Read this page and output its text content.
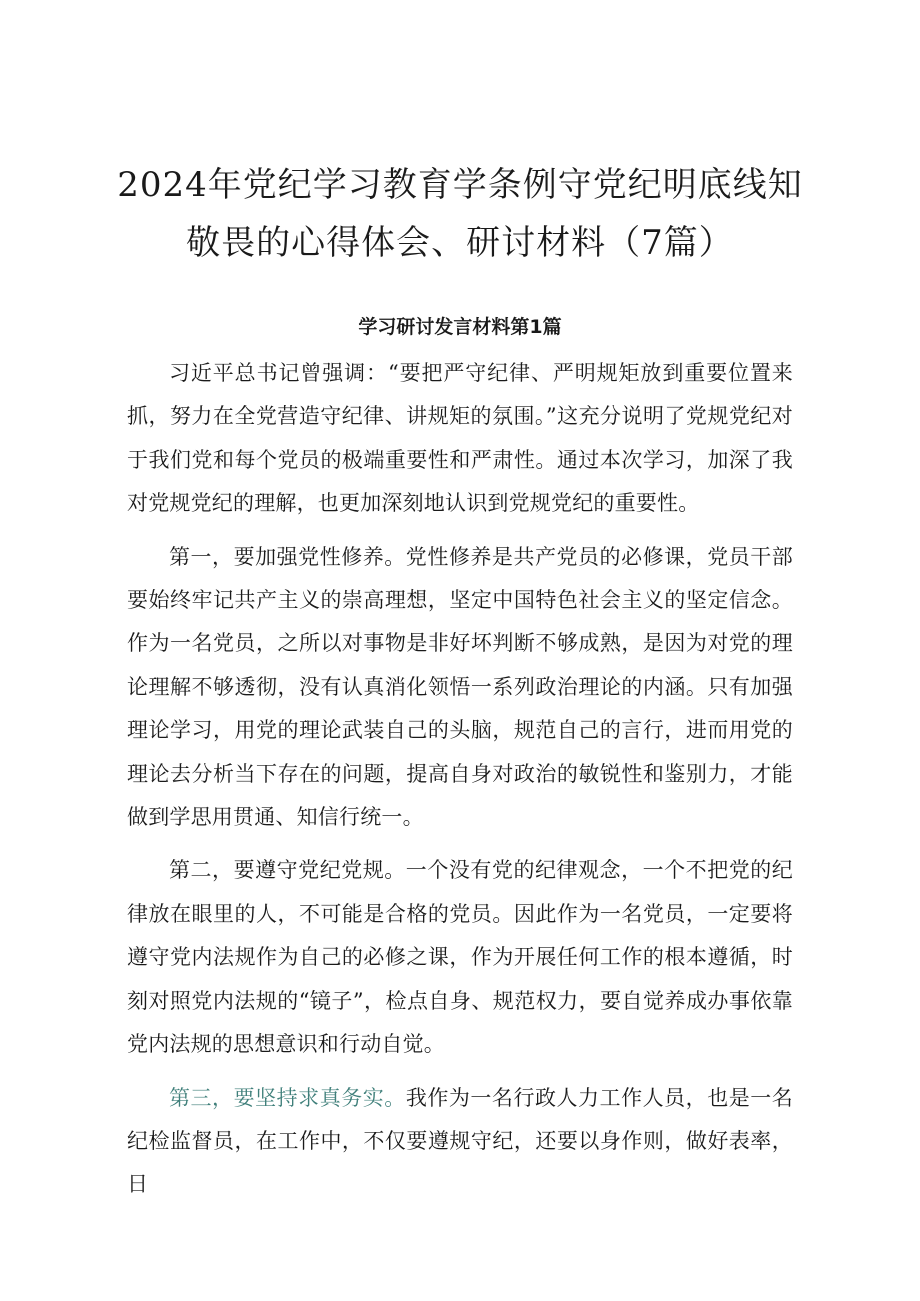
2024年党纪学习教育学条例守党纪明底线知
敬畏的心得体会、研讨材料（7篇）
学习研讨发言材料第1篇

习近平总书记曾强调：“要把严守纪律、严明规矩放到重要位置来抓，努力在全党营造守纪律、讲规矩的氛围。”这充分说明了党规党纪对于我们党和每个党员的极端重要性和严肃性。通过本次学习，加深了我对党规党纪的理解，也更加深刻地认识到党规党纪的重要性。

第一，要加强党性修养。党性修养是共产党员的必修课，党员干部要始终牢记共产主义的崇高理想，坚定中国特色社会主义的坚定信念。作为一名党员，之所以对事物是非好坏判断不够成熟，是因为对党的理论理解不够透彻，没有认真消化领悟一系列政治理论的内涵。只有加强理论学习，用党的理论武装自己的头脑，规范自己的言行，进而用党的理论去分析当下存在的问题，提高自身对政治的敏锐性和鉴别力，才能做到学思用贯通、知信行统一。

第二，要遵守党纪党规。一个没有党的纪律观念，一个不把党的纪律放在眼里的人，不可能是合格的党员。因此作为一名党员，一定要将遵守党内法规作为自己的必修之课，作为开展任何工作的根本遵循，时刻对照党内法规的“镜子”，检点自身、规范权力，要自觉养成办事依靠党内法规的思想意识和行动自觉。

第三，要坚持求真务实。我作为一名行政人力工作人员，也是一名纪检监督员，在工作中，不仅要遵规守纪，还要以身作则，做好表率，日
